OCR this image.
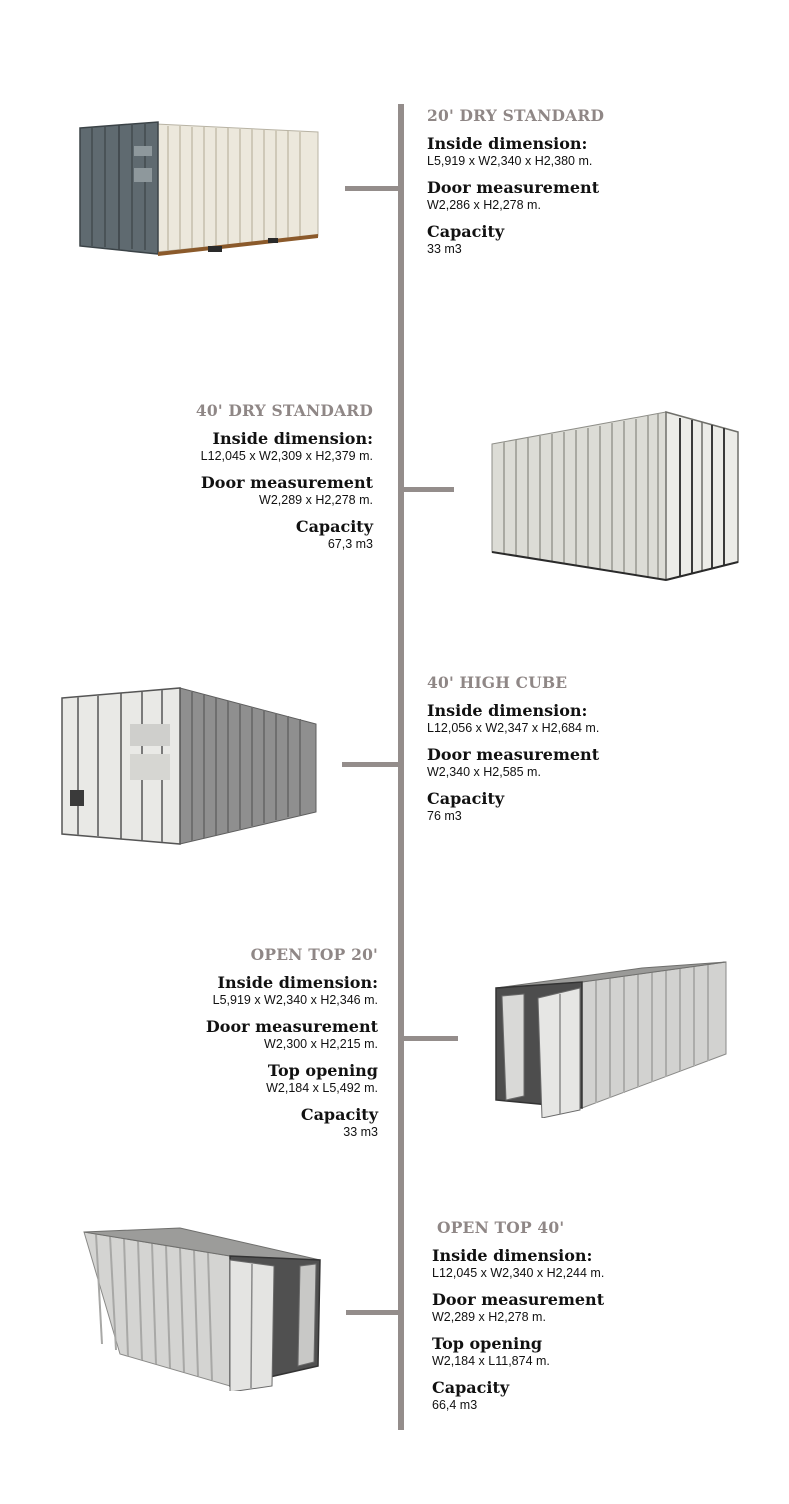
20' DRY STANDARD
Inside dimension:
L5,919 x W2,340 x H2,380 m.
Door measurement
W2,286 x H2,278 m.
Capacity
33 m3
40' DRY STANDARD
Inside dimension:
L12,045 x W2,309 x H2,379 m.
Door measurement
W2,289 x H2,278 m.
Capacity
67,3 m3
40' HIGH CUBE
Inside dimension:
L12,056 x W2,347 x H2,684 m.
Door measurement
W2,340 x H2,585 m.
Capacity
76 m3
OPEN TOP 20'
Inside dimension:
L5,919 x W2,340 x H2,346 m.
Door measurement
W2,300 x H2,215 m.
Top opening
W2,184 x L5,492 m.
Capacity
33 m3
OPEN TOP 40'
Inside dimension:
L12,045 x W2,340 x H2,244 m.
Door measurement
W2,289 x H2,278 m.
Top opening
W2,184 x L11,874 m.
Capacity
66,4 m3
